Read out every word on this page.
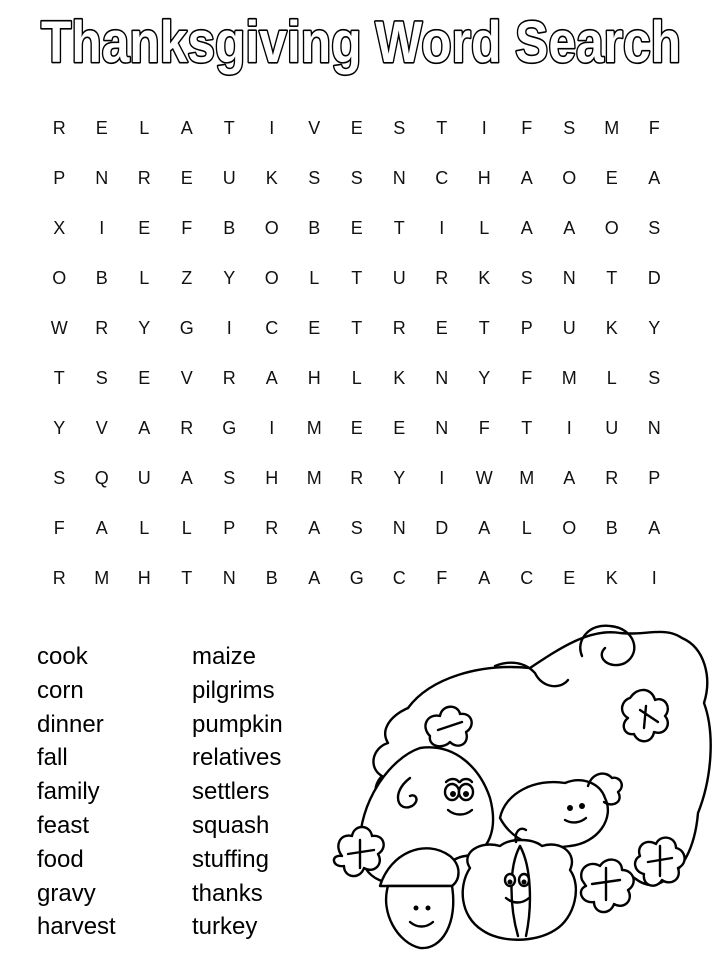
Thanksgiving Word Search
R	E	L	A	T	I	V	E	S	T	I	F	S	M	F
P	N	R	E	U	K	S	S	N	C	H	A	O	E	A
X	I	E	F	B	O	B	E	T	I	L	A	A	O	S
O	B	L	Z	Y	O	L	T	U	R	K	S	N	T	D
W	R	Y	G	I	C	E	T	R	E	T	P	U	K	Y
T	S	E	V	R	A	H	L	K	N	Y	F	M	L	S
Y	V	A	R	G	I	M	E	E	N	F	T	I	U	N
S	Q	U	A	S	H	M	R	Y	I	W	M	A	R	P
F	A	L	L	P	R	A	S	N	D	A	L	O	B	A
R	M	H	T	N	B	A	G	C	F	A	C	E	K	I
cook
corn
dinner
fall
family
feast
food
gravy
harvest
maize
pilgrims
pumpkin
relatives
settlers
squash
stuffing
thanks
turkey
